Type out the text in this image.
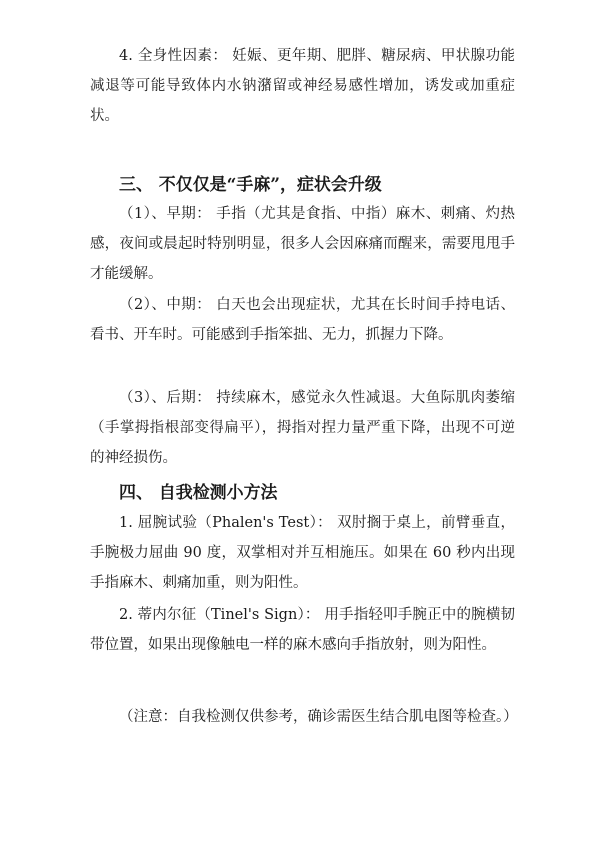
4. 全身性因素： 妊娠、更年期、肥胖、糖尿病、甲状腺功能减退等可能导致体内水钠潴留或神经易感性增加，诱发或加重症状。

三、 不仅仅是“手麻”，症状会升级

（1）、早期： 手指（尤其是食指、中指）麻木、刺痛、灼热感，夜间或晨起时特别明显，很多人会因麻痛而醒来，需要甩甩手才能缓解。

（2）、中期： 白天也会出现症状，尤其在长时间手持电话、看书、开车时。可能感到手指笨拙、无力，抓握力下降。

（3）、后期： 持续麻木，感觉永久性减退。大鱼际肌肉萎缩（手掌拇指根部变得扁平），拇指对捏力量严重下降，出现不可逆的神经损伤。

四、 自我检测小方法

1. 屈腕试验（Phalen's Test）： 双肘搁于桌上，前臂垂直，手腕极力屈曲 90 度，双掌相对并互相施压。如果在 60 秒内出现手指麻木、刺痛加重，则为阳性。

2. 蒂内尔征（Tinel's Sign）： 用手指轻叩手腕正中的腕横韧带位置，如果出现像触电一样的麻木感向手指放射，则为阳性。

（注意：自我检测仅供参考，确诊需医生结合肌电图等检查。）
